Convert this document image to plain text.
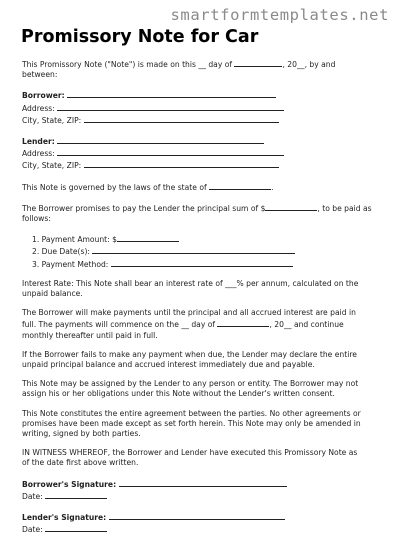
smartformtemplates.net
Promissory Note for Car

This Promissory Note ("Note") is made on this __ day of	, 20__, by and

between:

Borrower:

Address:

City, State, ZIP:

Lender:

Address:

City, State, ZIP:

This Note is governed by the laws of the state of	.

The Borrower promises to pay the Lender the principal sum of $	, to be paid as

follows:

1. Payment Amount: $
2. Due Date(s):
3. Payment Method:

Interest Rate: This Note shall bear an interest rate of ___% per annum, calculated on the

unpaid balance.

The Borrower will make payments until the principal and all accrued interest are paid in

full. The payments will commence on the __ day of	, 20__ and continue

monthly thereafter until paid in full.

If the Borrower fails to make any payment when due, the Lender may declare the entire

unpaid principal balance and accrued interest immediately due and payable.

This Note may be assigned by the Lender to any person or entity. The Borrower may not

assign his or her obligations under this Note without the Lender's written consent.

This Note constitutes the entire agreement between the parties. No other agreements or

promises have been made except as set forth herein. This Note may only be amended in

writing, signed by both parties.

IN WITNESS WHEREOF, the Borrower and Lender have executed this Promissory Note as

of the date first above written.

Borrower's Signature:

Date:

Lender's Signature:

Date:
